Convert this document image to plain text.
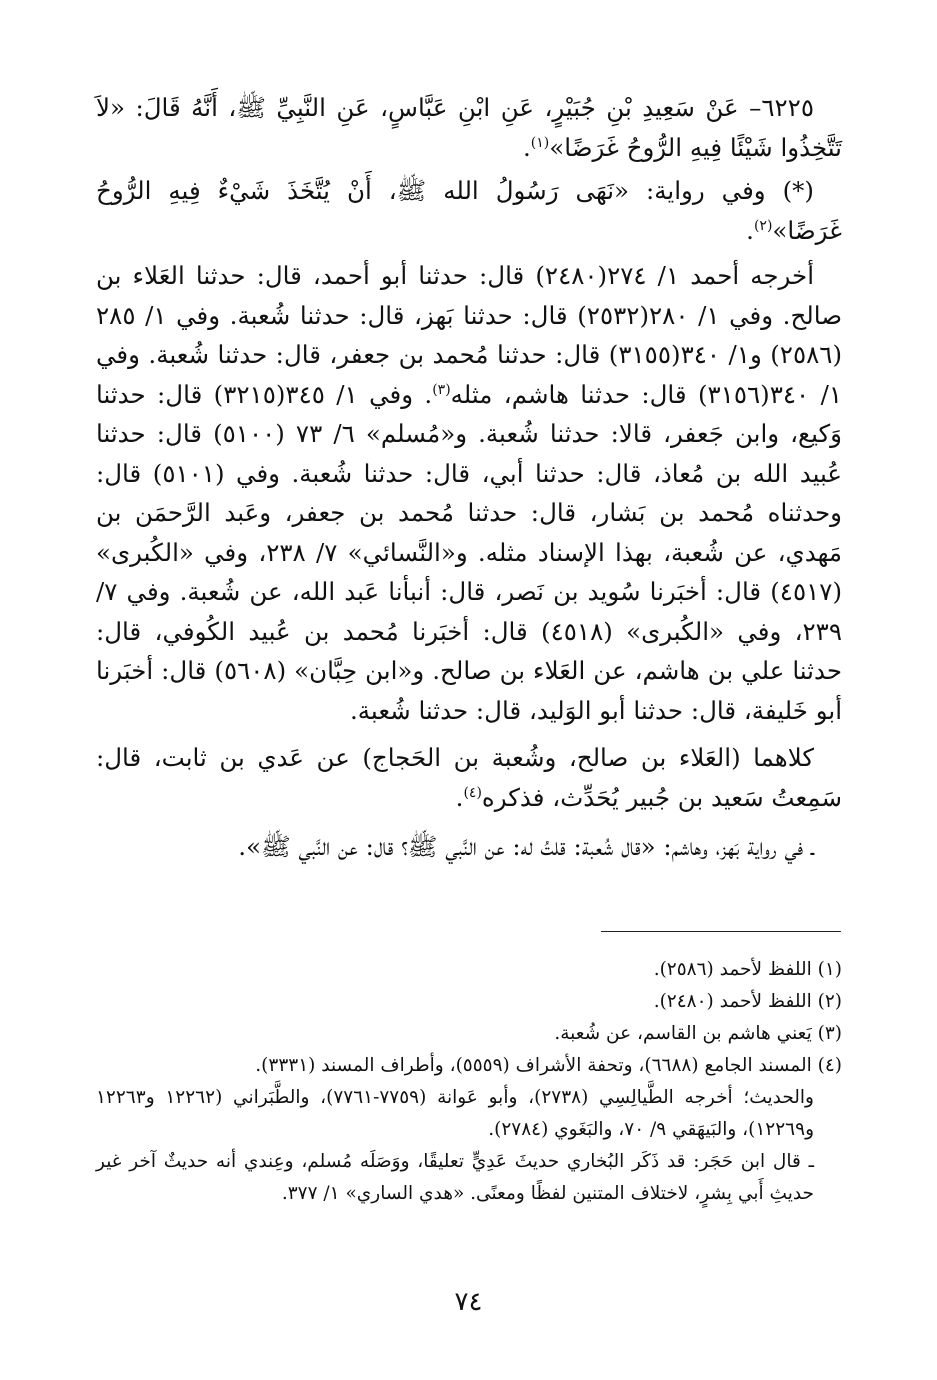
٦٢٢٥– عَنْ سَعِيدِ بْنِ جُبَيْرٍ، عَنِ ابْنِ عَبَّاسٍ، عَنِ النَّبِيِّ ﷺ، أَنَّهُ قَالَ: «لاَ تَتَّخِذُوا شَيْئًا فِيهِ الرُّوحُ غَرَضًا»$^{(١)}$.

(*) وفي رواية: «نَهَى رَسُولُ الله ﷺ، أَنْ يُتَّخَذَ شَيْءٌ فِيهِ الرُّوحُ غَرَضًا»$^{(٢)}$.

أخرجه أحمد ١/ ٢٧٤(٢٤٨٠) قال: حدثنا أبو أحمد، قال: حدثنا العَلاء بن صالح. وفي ١/ ٢٨٠(٢٥٣٢) قال: حدثنا بَهز، قال: حدثنا شُعبة. وفي ١/ ٢٨٥ (٢٥٨٦) و١/ ٣٤٠(٣١٥٥) قال: حدثنا مُحمد بن جعفر، قال: حدثنا شُعبة. وفي ١/ ٣٤٠(٣١٥٦) قال: حدثنا هاشم، مثله$^{(٣)}$. وفي ١/ ٣٤٥(٣٢١٥) قال: حدثنا وَكيع، وابن جَعفر، قالا: حدثنا شُعبة. و«مُسلم» ٦/ ٧٣ (٥١٠٠) قال: حدثنا عُبيد الله بن مُعاذ، قال: حدثنا أبي، قال: حدثنا شُعبة. وفي (٥١٠١) قال: وحدثناه مُحمد بن بَشار، قال: حدثنا مُحمد بن جعفر، وعَبد الرَّحمَن بن مَهدي، عن شُعبة، بهذا الإسناد مثله. و«النَّسائي» ٧/ ٢٣٨، وفي «الكُبرى» (٤٥١٧) قال: أخبَرنا سُويد بن نَصر، قال: أنبأنا عَبد الله، عن شُعبة. وفي ٧/ ٢٣٩، وفي «الكُبرى» (٤٥١٨) قال: أخبَرنا مُحمد بن عُبيد الكُوفي، قال: حدثنا علي بن هاشم، عن العَلاء بن صالح. و«ابن حِبَّان» (٥٦٠٨) قال: أخبَرنا أبو خَليفة، قال: حدثنا أبو الوَليد، قال: حدثنا شُعبة.

كلاهما (العَلاء بن صالح، وشُعبة بن الحَجاج) عن عَدي بن ثابت، قال: سَمِعتُ سَعيد بن جُبير يُحَدِّث، فذكره$^{(٤)}$.

ـ في رواية بَهز، وهاشم: «قال شُعبة: قلتُ له: عن النَّبي ﷺ؟ قال: عن النَّبي ﷺ».

(١) اللفظ لأحمد (٢٥٨٦).

(٢) اللفظ لأحمد (٢٤٨٠).

(٣) يَعني هاشم بن القاسم، عن شُعبة.

(٤) المسند الجامع (٦٦٨٨)، وتحفة الأشراف (٥٥٥٩)، وأطراف المسند (٣٣٣١).

والحديث؛ أخرجه الطَّيالِسِي (٢٧٣٨)، وأبو عَوانة (٧٧٥٩-٧٧٦١)، والطَّبَراني (١٢٢٦٢ و١٢٢٦٣ و١٢٢٦٩)، والبَيهَقي ٩/ ٧٠، والبَغَوي (٢٧٨٤).

ـ قال ابن حَجَر: قد ذَكَر البُخاري حديثَ عَدِيٍّ تعليقًا، ووَصَلَه مُسلم، وعِندي أنه حديثٌ آخر غير حديثِ أَبي بِشرٍ، لاختلاف المتنين لفظًا ومعنًى. «هدي الساري» ١/ ٣٧٧.

٧٤
